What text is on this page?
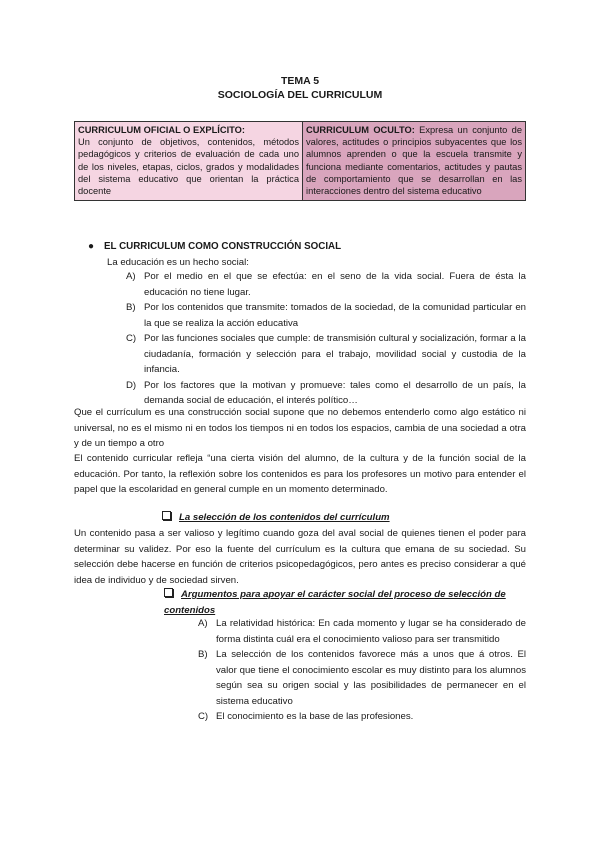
TEMA 5
SOCIOLOGÍA DEL CURRICULUM
CURRICULUM OFICIAL O EXPLÍCITO:
Un conjunto de objetivos, contenidos, métodos pedagógicos y criterios de evaluación de cada uno de los niveles, etapas, ciclos, grados y modalidades del sistema educativo que orientan la práctica docente	CURRICULUM OCULTO: Expresa un conjunto de valores, actitudes o principios subyacentes que los alumnos aprenden o que la escuela transmite y funciona mediante comentarios, actitudes y pautas de comportamiento que se desarrollan en las interacciones dentro del sistema educativo
● EL CURRICULUM COMO CONSTRUCCIÓN SOCIAL
La educación es un hecho social:
A) Por el medio en el que se efectúa: en el seno de la vida social. Fuera de ésta la educación no tiene lugar.
B) Por los contenidos que transmite: tomados de la sociedad, de la comunidad particular en la que se realiza la acción educativa
C) Por las funciones sociales que cumple: de transmisión cultural y socialización, formar a la ciudadanía, formación y selección para el trabajo, movilidad social y custodia de la infancia.
D) Por los factores que la motivan y promueve: tales como el desarrollo de un país, la demanda social de educación, el interés político…
Que el currículum es una construcción social supone que no debemos entenderlo como algo estático ni universal, no es el mismo ni en todos los tiempos ni en todos los espacios, cambia de una sociedad a otra y de un tiempo a otro
El contenido curricular refleja “una cierta visión del alumno, de la cultura y de la función social de la educación. Por tanto, la reflexión sobre los contenidos es para los profesores un motivo para entender el papel que la escolaridad en general cumple en un momento determinado.
La selección de los contenidos del currículum
Un contenido pasa a ser valioso y legítimo cuando goza del aval social de quienes tienen el poder para determinar su validez. Por eso la fuente del currículum es la cultura que emana de su sociedad. Su selección debe hacerse en función de criterios psicopedagógicos, pero antes es preciso considerar a qué idea de individuo y de sociedad sirven.
Argumentos para apoyar el carácter social del proceso de selección de contenidos
A) La relatividad histórica: En cada momento y lugar se ha considerado de forma distinta cuál era el conocimiento valioso para ser transmitido
B) La selección de los contenidos favorece más a unos que á otros. El valor que tiene el conocimiento escolar es muy distinto para los alumnos según sea su origen social y las posibilidades de permanecer en el sistema educativo
C) El conocimiento es la base de las profesiones.
